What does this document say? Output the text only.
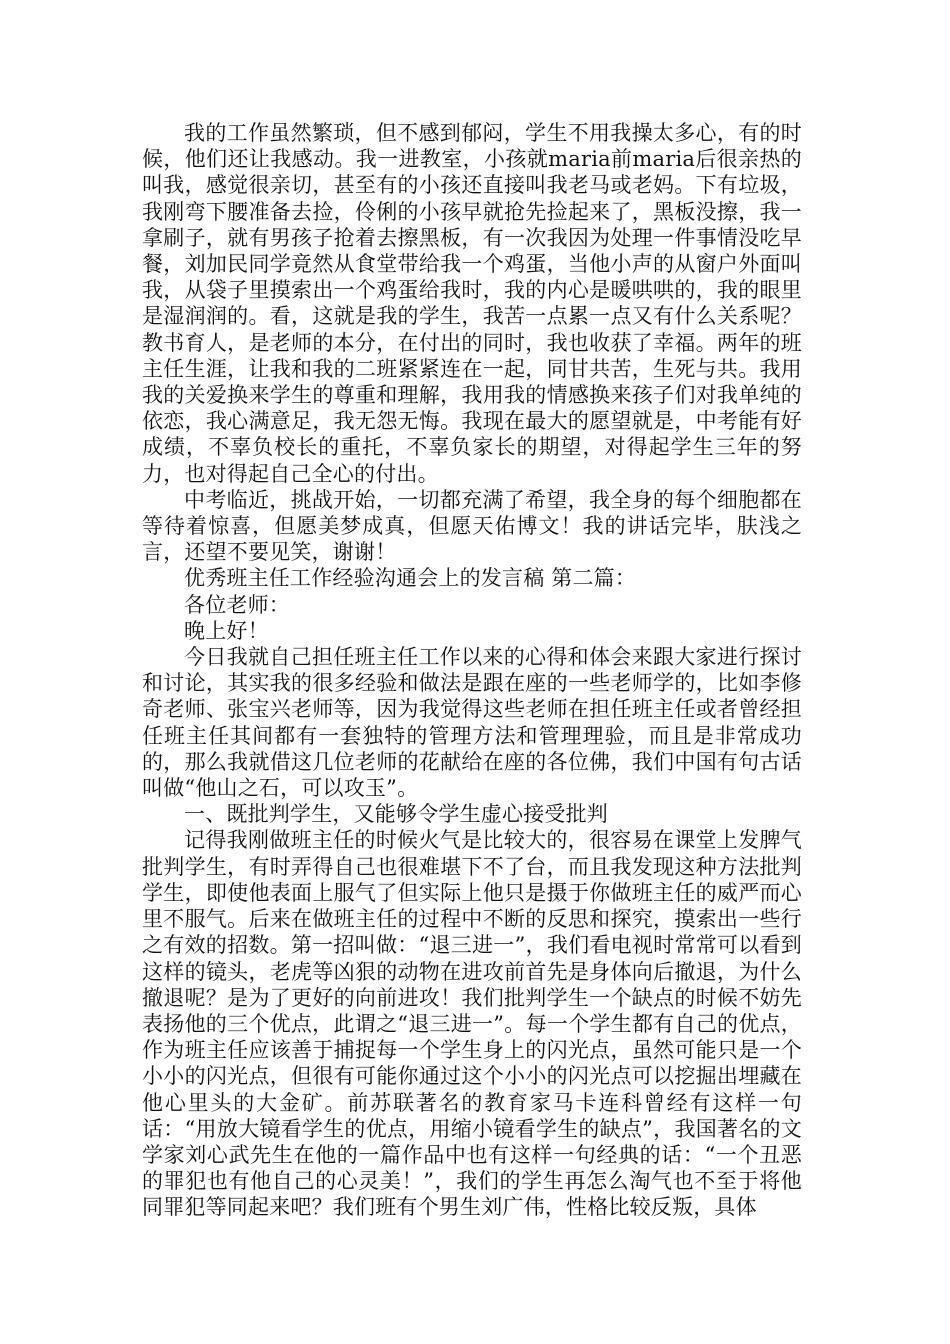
我的工作虽然繁琐，但不感到郁闷，学生不用我操太多心，有的时候，他们还让我感动。我一进教室，小孩就maria前maria后很亲热的叫我，感觉很亲切，甚至有的小孩还直接叫我老马或老妈。下有垃圾，我刚弯下腰准备去捡，伶俐的小孩早就抢先捡起来了，黑板没擦，我一拿刷子，就有男孩子抢着去擦黑板，有一次我因为处理一件事情没吃早餐，刘加民同学竟然从食堂带给我一个鸡蛋，当他小声的从窗户外面叫我，从袋子里摸索出一个鸡蛋给我时，我的内心是暖哄哄的，我的眼里是湿润润的。看，这就是我的学生，我苦一点累一点又有什么关系呢？教书育人，是老师的本分，在付出的同时，我也收获了幸福。两年的班主任生涯，让我和我的二班紧紧连在一起，同甘共苦，生死与共。我用我的关爱换来学生的尊重和理解，我用我的情感换来孩子们对我单纯的依恋，我心满意足，我无怨无悔。我现在最大的愿望就是，中考能有好成绩，不辜负校长的重托，不辜负家长的期望，对得起学生三年的努力，也对得起自己全心的付出。

中考临近，挑战开始，一切都充满了希望，我全身的每个细胞都在等待着惊喜，但愿美梦成真，但愿天佑博文！我的讲话完毕，肤浅之言，还望不要见笑，谢谢！

优秀班主任工作经验沟通会上的发言稿 第二篇：

各位老师：

晚上好！

今日我就自己担任班主任工作以来的心得和体会来跟大家进行探讨和讨论，其实我的很多经验和做法是跟在座的一些老师学的，比如李修奇老师、张宝兴老师等，因为我觉得这些老师在担任班主任或者曾经担任班主任其间都有一套独特的管理方法和管理理验，而且是非常成功的，那么我就借这几位老师的花献给在座的各位佛，我们中国有句古话叫做“他山之石，可以攻玉”。

一、既批判学生，又能够令学生虚心接受批判

记得我刚做班主任的时候火气是比较大的，很容易在课堂上发脾气批判学生，有时弄得自己也很难堪下不了台，而且我发现这种方法批判学生，即使他表面上服气了但实际上他只是摄于你做班主任的威严而心里不服气。后来在做班主任的过程中不断的反思和探究，摸索出一些行之有效的招数。第一招叫做：“退三进一”，我们看电视时常常可以看到这样的镜头，老虎等凶狠的动物在进攻前首先是身体向后撤退，为什么撤退呢？是为了更好的向前进攻！我们批判学生一个缺点的时候不妨先表扬他的三个优点，此谓之“退三进一”。每一个学生都有自己的优点，作为班主任应该善于捕捉每一个学生身上的闪光点，虽然可能只是一个小小的闪光点，但很有可能你通过这个小小的闪光点可以挖掘出埋藏在他心里头的大金矿。前苏联著名的教育家马卡连科曾经有这样一句话：“用放大镜看学生的优点，用缩小镜看学生的缺点”，我国著名的文学家刘心武先生在他的一篇作品中也有这样一句经典的话：“一个丑恶的罪犯也有他自己的心灵美！”，我们的学生再怎么淘气也不至于将他同罪犯等同起来吧？我们班有个男生刘广伟，性格比较反叛，具体
